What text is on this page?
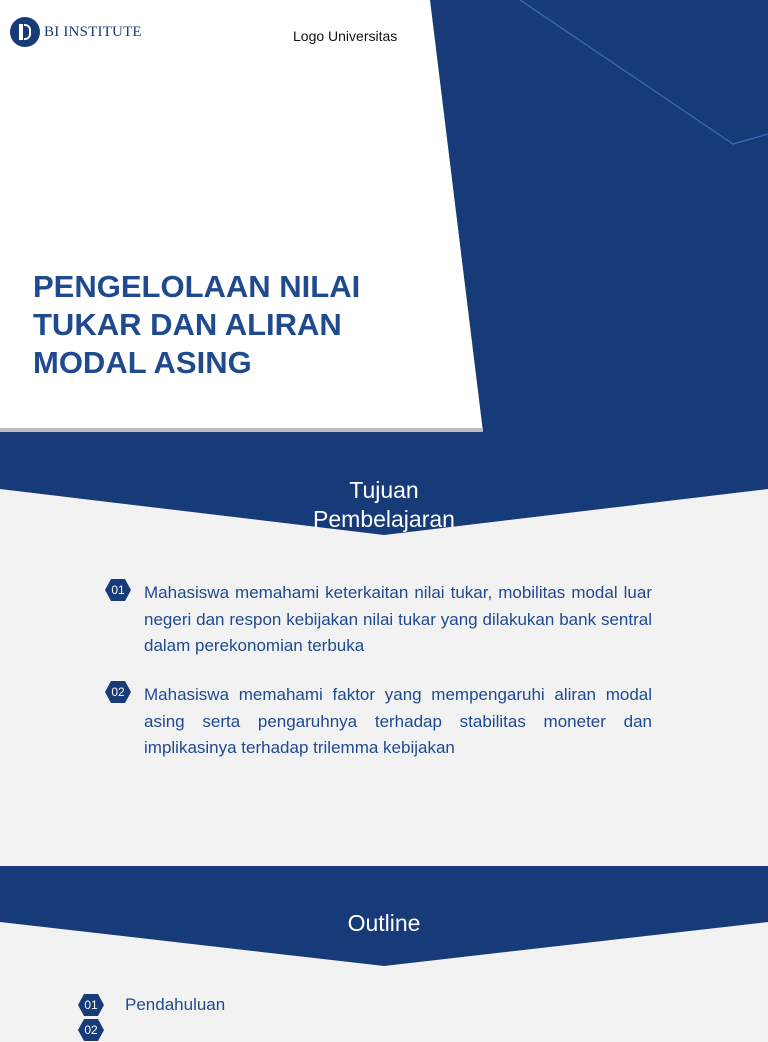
BI INSTITUTE	Logo Universitas
PENGELOLAAN NILAI TUKAR DAN ALIRAN MODAL ASING
Tujuan Pembelajaran
01	Mahasiswa memahami keterkaitan nilai tukar, mobilitas modal luar negeri dan respon kebijakan nilai tukar yang dilakukan bank sentral dalam perekonomian terbuka

02	Mahasiswa memahami faktor yang mempengaruhi aliran modal asing serta pengaruhnya terhadap stabilitas moneter dan implikasinya terhadap trilemma kebijakan

Outline
01	Pendahuluan
02
